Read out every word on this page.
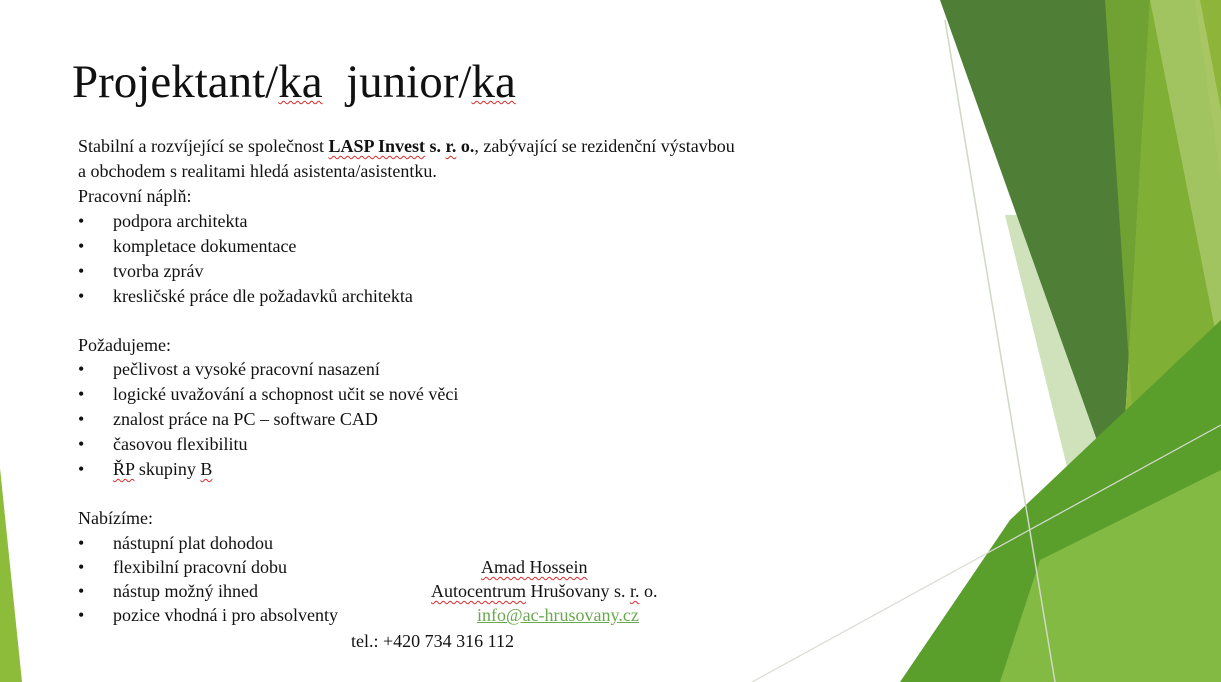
Projektant/ka  junior/ka
Stabilní a rozvíjející se společnost LASP Invest s. r. o., zabývající se rezidenční výstavbou
a obchodem s realitami hledá asistenta/asistentku.
Pracovní náplň:
•	podpora architekta
•	kompletace dokumentace
•	tvorba zpráv
•	kresličské práce dle požadavků architekta
Požadujeme:
•	pečlivost a vysoké pracovní nasazení
•	logické uvažování a schopnost učit se nové věci
•	znalost práce na PC – software CAD
•	časovou flexibilitu
•	ŘP skupiny B
Nabízíme:
•	nástupní plat dohodou
•	flexibilní pracovní dobu
•	nástup možný ihned
•	pozice vhodná i pro absolventy
Amad Hossein
Autocentrum Hrušovany s. r. o.
info@ac-hrusovany.cz
tel.: +420 734 316 112
